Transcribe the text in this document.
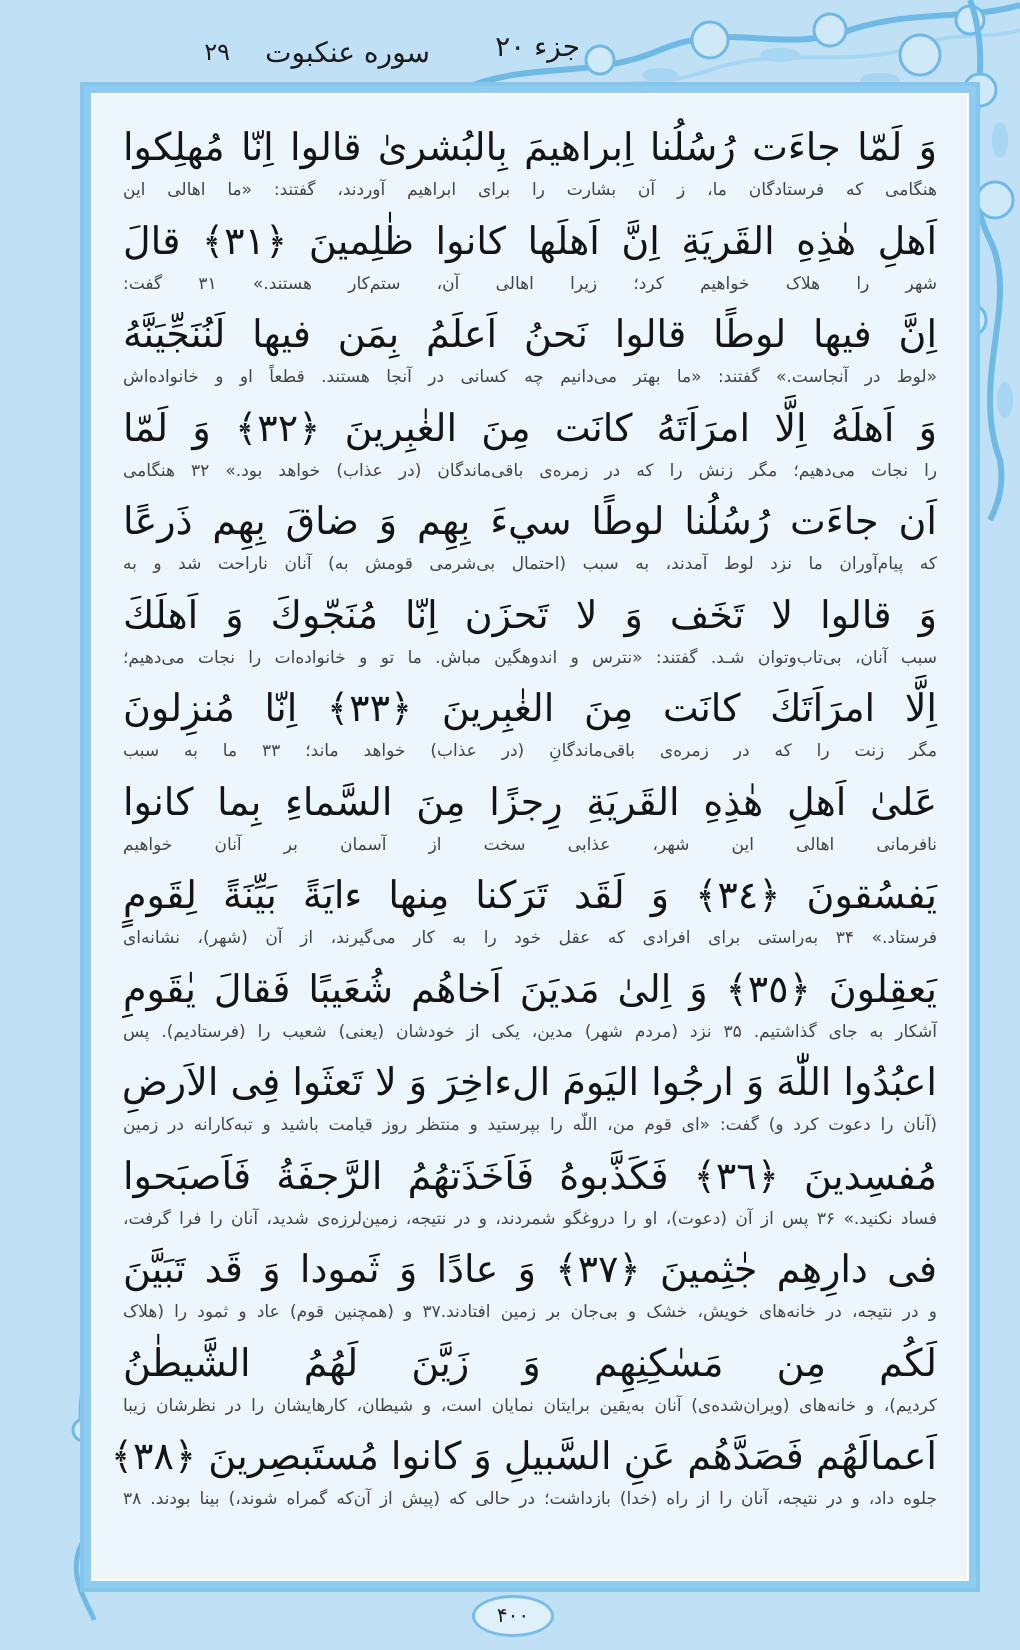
جزء ۲۰
سوره عنکبوت
۲۹
وَ لَمّا جاءَت رُسُلُنا اِبراهیمَ بِالبُشرىٰ قالوا اِنّا مُهلِكوا
هنگامی که فرستادگان ما، ز آن بشارت را برای ابراهیم آوردند، گفتند: «ما اهالی این
اَهلِ هٰذِهِ القَريَةِ اِنَّ اَهلَها كانوا ظٰلِمينَ ﴿٣١﴾ قالَ
شهر را هلاک خواهیم کرد؛ زیرا اهالی آن، ستم‌کار هستند.» ۳۱ گفت:
اِنَّ فيها لوطًا قالوا نَحنُ اَعلَمُ بِمَن فيها لَنُنَجِّيَنَّهُ
«لوط در آنجاست.» گفتند: «ما بهتر می‌دانیم چه کسانی در آنجا هستند. قطعاً او و خانواده‌اش
وَ اَهلَهُ اِلَّا امرَاَتَهُ كانَت مِنَ الغٰبِرينَ ﴿٣٢﴾ وَ لَمّا
را نجات می‌دهیم؛ مگر زنش را که در زمره‌ی باقی‌ماندگان (در عذاب) خواهد بود.» ۳۲ هنگامی
اَن جاءَت رُسُلُنا لوطًا سيءَ بِهِم وَ ضاقَ بِهِم ذَرعًا
که پیام‌آوران ما نزد لوط آمدند، به سبب (احتمال بی‌شرمی قومش به) آنان ناراحت شد و به
وَ قالوا لا تَخَف وَ لا تَحزَن اِنّا مُنَجّوكَ وَ اَهلَكَ
سبب آنان، بی‌تاب‌وتوان شـد. گفتند: «نترس و اندوهگین مباش. ما تو و خانواده‌ات را نجات می‌دهیم؛
اِلَّا امرَاَتَكَ كانَت مِنَ الغٰبِرينَ ﴿٣٣﴾ اِنّا مُنزِلونَ
مگر زنت را که در زمره‌ی باقی‌ماندگانِ (در عذاب) خواهد ماند؛ ۳۳ ما به سبب
عَلىٰ اَهلِ هٰذِهِ القَريَةِ رِجزًا مِنَ السَّماءِ بِما كانوا
نافرمانی اهالی این شهر، عذابی سخت از آسمان بر آنان خواهیم
يَفسُقونَ ﴿٣٤﴾ وَ لَقَد تَرَكنا مِنها ءايَةً بَيِّنَةً لِقَومٍ
فرستاد.» ۳۴ به‌راستی برای افرادی که عقل خود را به کار می‌گیرند، از آن (شهر)، نشانه‌ای
يَعقِلونَ ﴿٣٥﴾ وَ اِلىٰ مَديَنَ اَخاهُم شُعَيبًا فَقالَ يٰقَومِ
آشکار به جای گذاشتیم. ۳۵ نزد (مردم شهر) مدین، یکی از خودشان (یعنی) شعیب را (فرستادیم). پس
اعبُدُوا اللّٰهَ وَ ارجُوا اليَومَ الءاخِرَ وَ لا تَعثَوا فِى الاَرضِ
(آنان را دعوت کرد و) گفت: «ای قوم من، اللّه را بپرستید و منتظر روز قیامت باشید و تبه‌کارانه در زمین
مُفسِدينَ ﴿٣٦﴾ فَكَذَّبوهُ فَاَخَذَتهُمُ الرَّجفَةُ فَاَصبَحوا
فساد نکنید.» ۳۶ پس از آن (دعوت)، او را دروغگو شمردند، و در نتیجه، زمین‌لرزه‌ی شدید، آنان را فرا گرفت،
فى دارِهِم جٰثِمينَ ﴿٣٧﴾ وَ عادًا وَ ثَمودا وَ قَد تَبَيَّنَ
و در نتیجه، در خانه‌های خویش، خشک و بی‌جان بر زمین افتادند.۳۷ و (همچنین قوم) عاد و ثمود را (هلاک
لَكُم مِن مَسٰكِنِهِم وَ زَيَّنَ لَهُمُ الشَّيطٰنُ
کردیم)، و خانه‌های (ویران‌شده‌ی) آنان به‌یقین برایتان نمایان است، و شیطان، کارهایشان را در نظرشان زیبا
اَعمالَهُم فَصَدَّهُم عَنِ السَّبيلِ وَ كانوا مُستَبصِرينَ ﴿٣٨﴾
جلوه داد، و در نتیجه، آنان را از راه (خدا) بازداشت؛ در حالی که (پیش از آن‌که گمراه شوند،) بینا بودند. ۳۸
۴۰۰
